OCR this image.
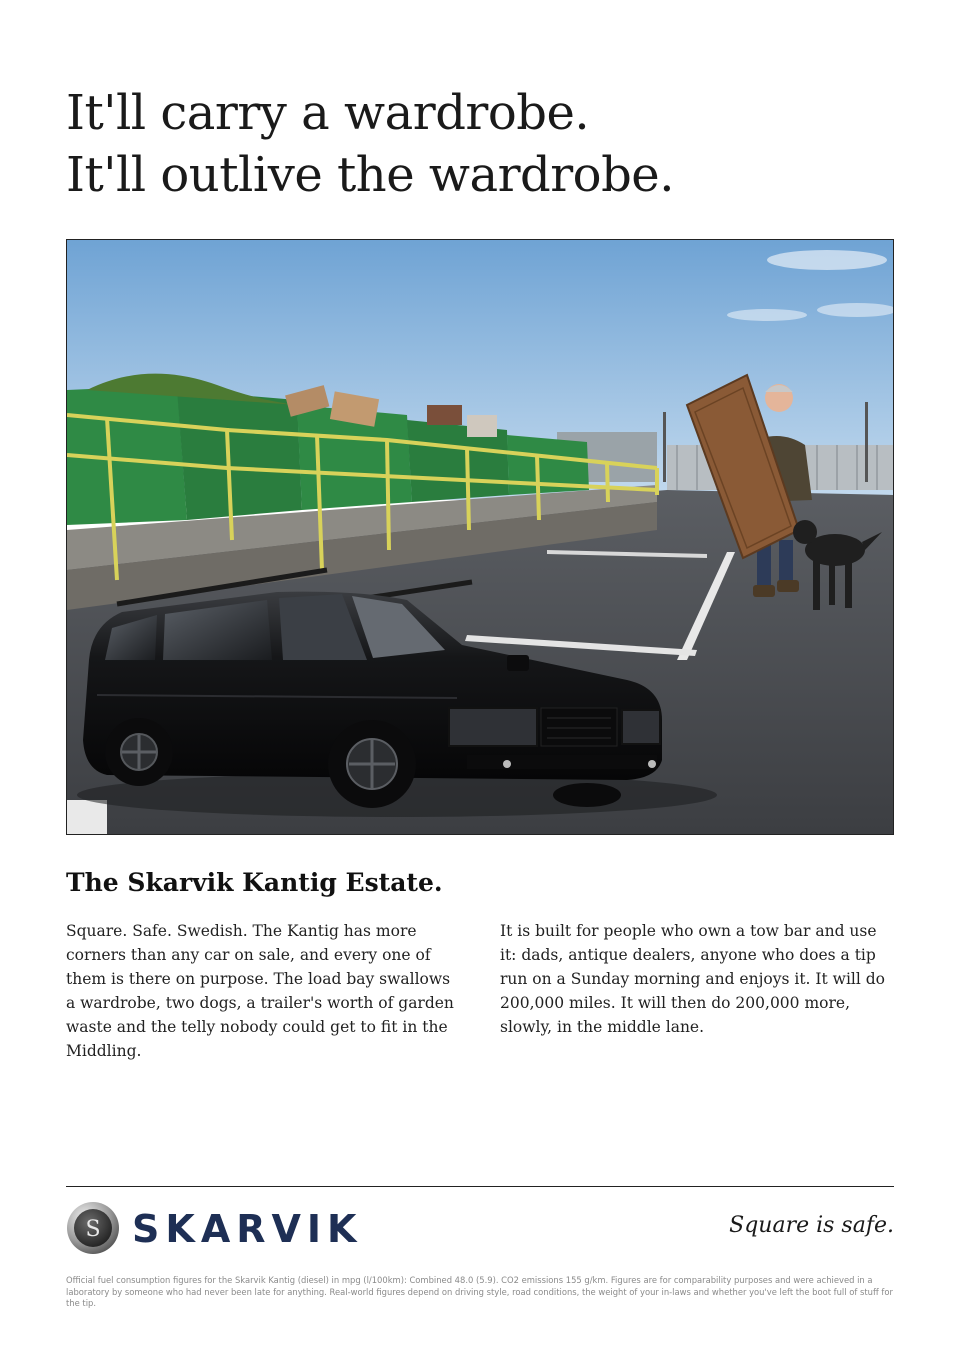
It'll carry a wardrobe.
It'll outlive the wardrobe.
The Skarvik Kantig Estate.

Square. Safe. Swedish. The Kantig has more corners than any car on sale, and every one of them is there on purpose. The load bay swallows a wardrobe, two dogs, a trailer's worth of garden waste and the telly nobody could get to fit in the Middling.

It is built for people who own a tow bar and use it: dads, antique dealers, anyone who does a tip run on a Sunday morning and enjoys it. It will do 200,000 miles. It will then do 200,000 more, slowly, in the middle lane.

S SKARVIK	Square is safe.

Official fuel consumption figures for the Skarvik Kantig (diesel) in mpg (l/100km): Combined 48.0 (5.9). CO2 emissions 155 g/km. Figures are for comparability purposes and were achieved in a laboratory by someone who had never been late for anything. Real-world figures depend on driving style, road conditions, the weight of your in-laws and whether you've left the boot full of stuff for the tip.
